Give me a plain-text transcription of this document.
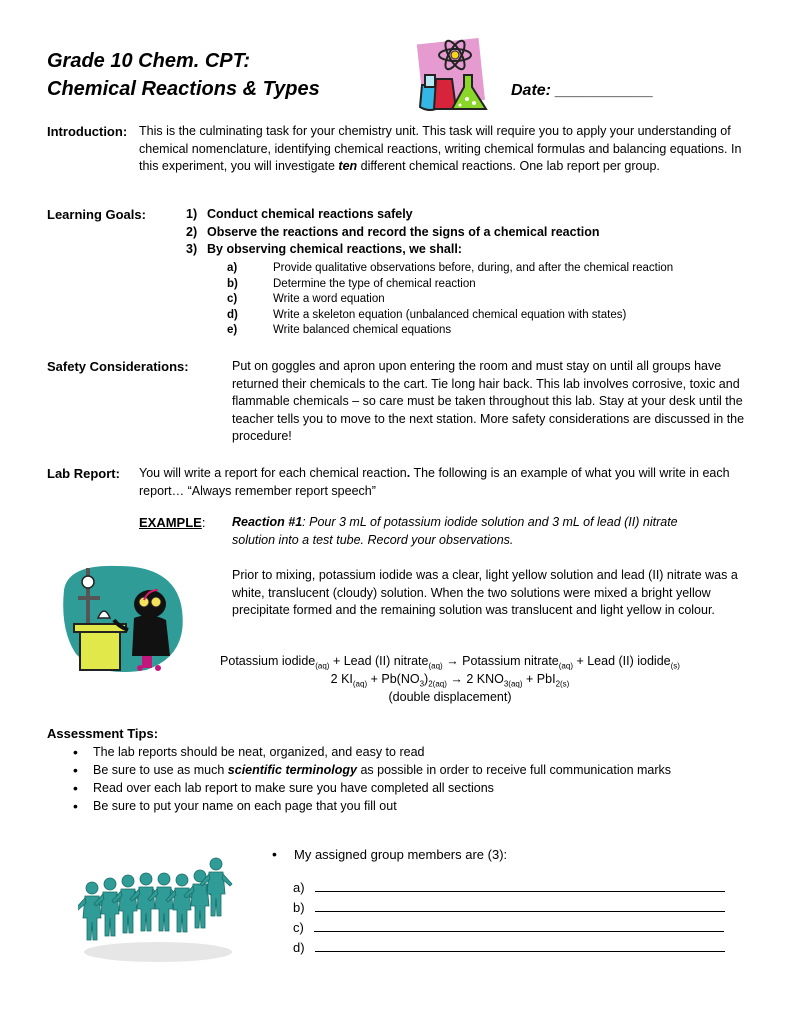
Grade 10 Chem. CPT:
Chemical Reactions & Types	Date: ___________
Introduction: This is the culminating task for your chemistry unit. This task will require you to apply your understanding of chemical nomenclature, identifying chemical reactions, writing chemical formulas and balancing equations. In this experiment, you will investigate ten different chemical reactions. One lab report per group.
Learning Goals:	1) Conduct chemical reactions safely
2) Observe the reactions and record the signs of a chemical reaction
3) By observing chemical reactions, we shall:
a)	Provide qualitative observations before, during, and after the chemical reaction
b)	Determine the type of chemical reaction
c)	Write a word equation
d)	Write a skeleton equation (unbalanced chemical equation with states)
e)	Write balanced chemical equations
Safety Considerations:	Put on goggles and apron upon entering the room and must stay on until all groups have returned their chemicals to the cart. Tie long hair back. This lab involves corrosive, toxic and flammable chemicals – so care must be taken throughout this lab. Stay at your desk until the teacher tells you to move to the next station. More safety considerations are discussed in the procedure!
Lab Report: You will write a report for each chemical reaction. The following is an example of what you will write in each report… “Always remember report speech”
EXAMPLE: Reaction #1: Pour 3 mL of potassium iodide solution and 3 mL of lead (II) nitrate solution into a test tube. Record your observations.
Prior to mixing, potassium iodide was a clear, light yellow solution and lead (II) nitrate was a white, translucent (cloudy) solution. When the two solutions were mixed a bright yellow precipitate formed and the remaining solution was translucent and light yellow in colour.
Potassium iodide$_{(aq)}$ + Lead (II) nitrate$_{(aq)}$ → Potassium nitrate$_{(aq)}$ + Lead (II) iodide$_{(s)}$
2 $KI_{(aq)} + Pb(NO_3)_{2(aq)} \to 2$ $KNO_{3(aq)} + PbI_{2(s)}$
(double displacement)
Assessment Tips:
• The lab reports should be neat, organized, and easy to read
• Be sure to use as much scientific terminology as possible in order to receive full communication marks
• Read over each lab report to make sure you have completed all sections
• Be sure to put your name on each page that you fill out
• My assigned group members are (3):
a)
b)
c)
d)
